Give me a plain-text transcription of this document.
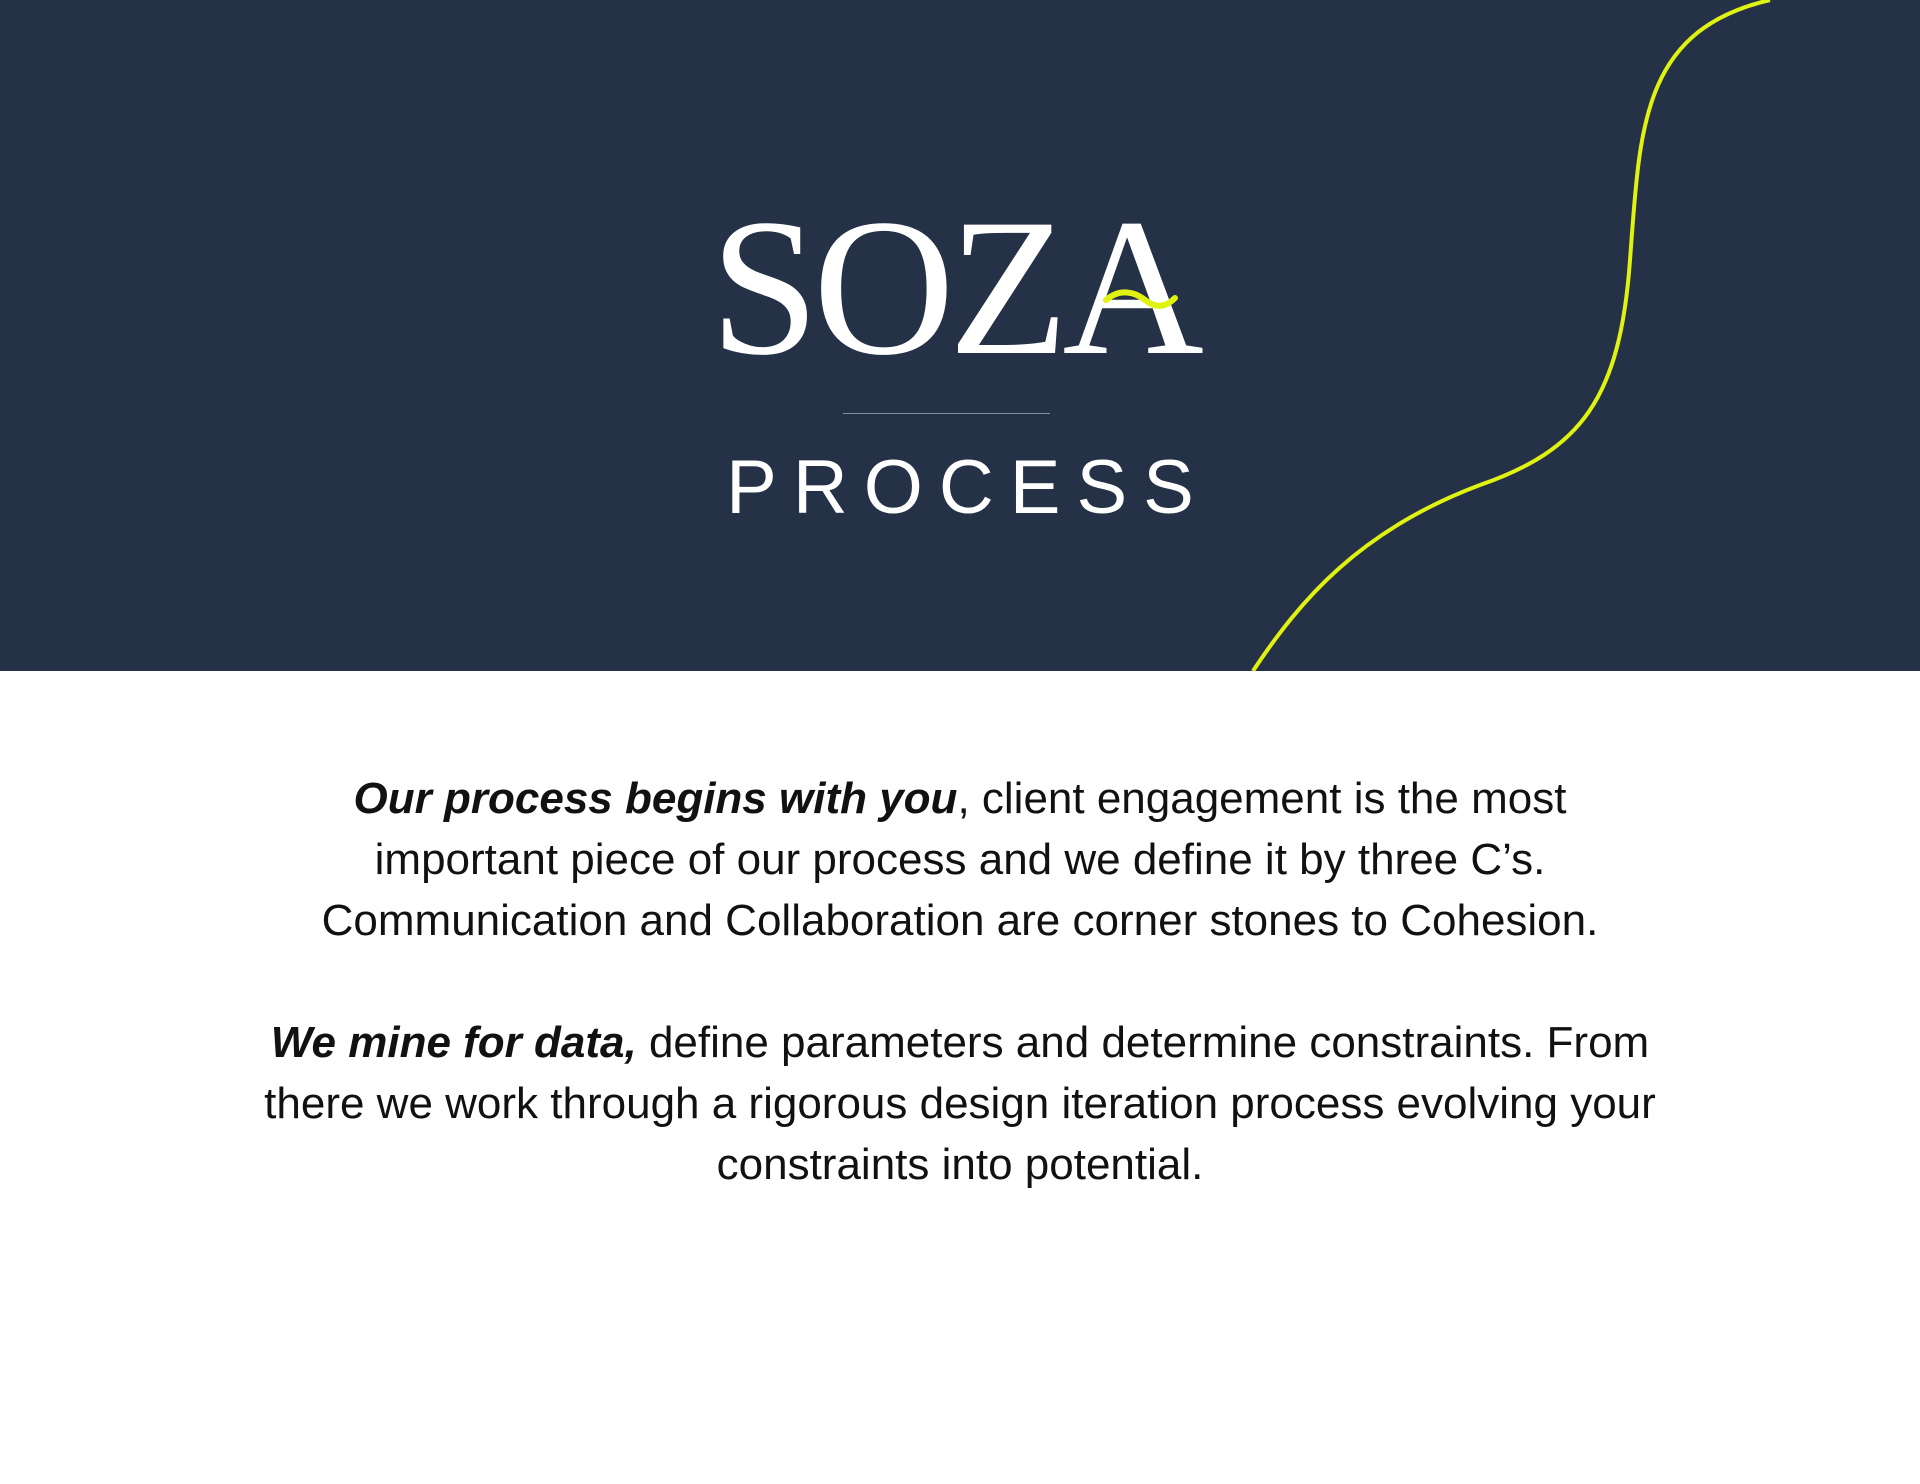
SOZA
PROCESS

Our process begins with you, client engagement is the most important piece of our process and we define it by three C’s. Communication and Collaboration are corner stones to Cohesion.

We mine for data, define parameters and determine constraints. From there we work through a rigorous design iteration process evolving your constraints into potential.
